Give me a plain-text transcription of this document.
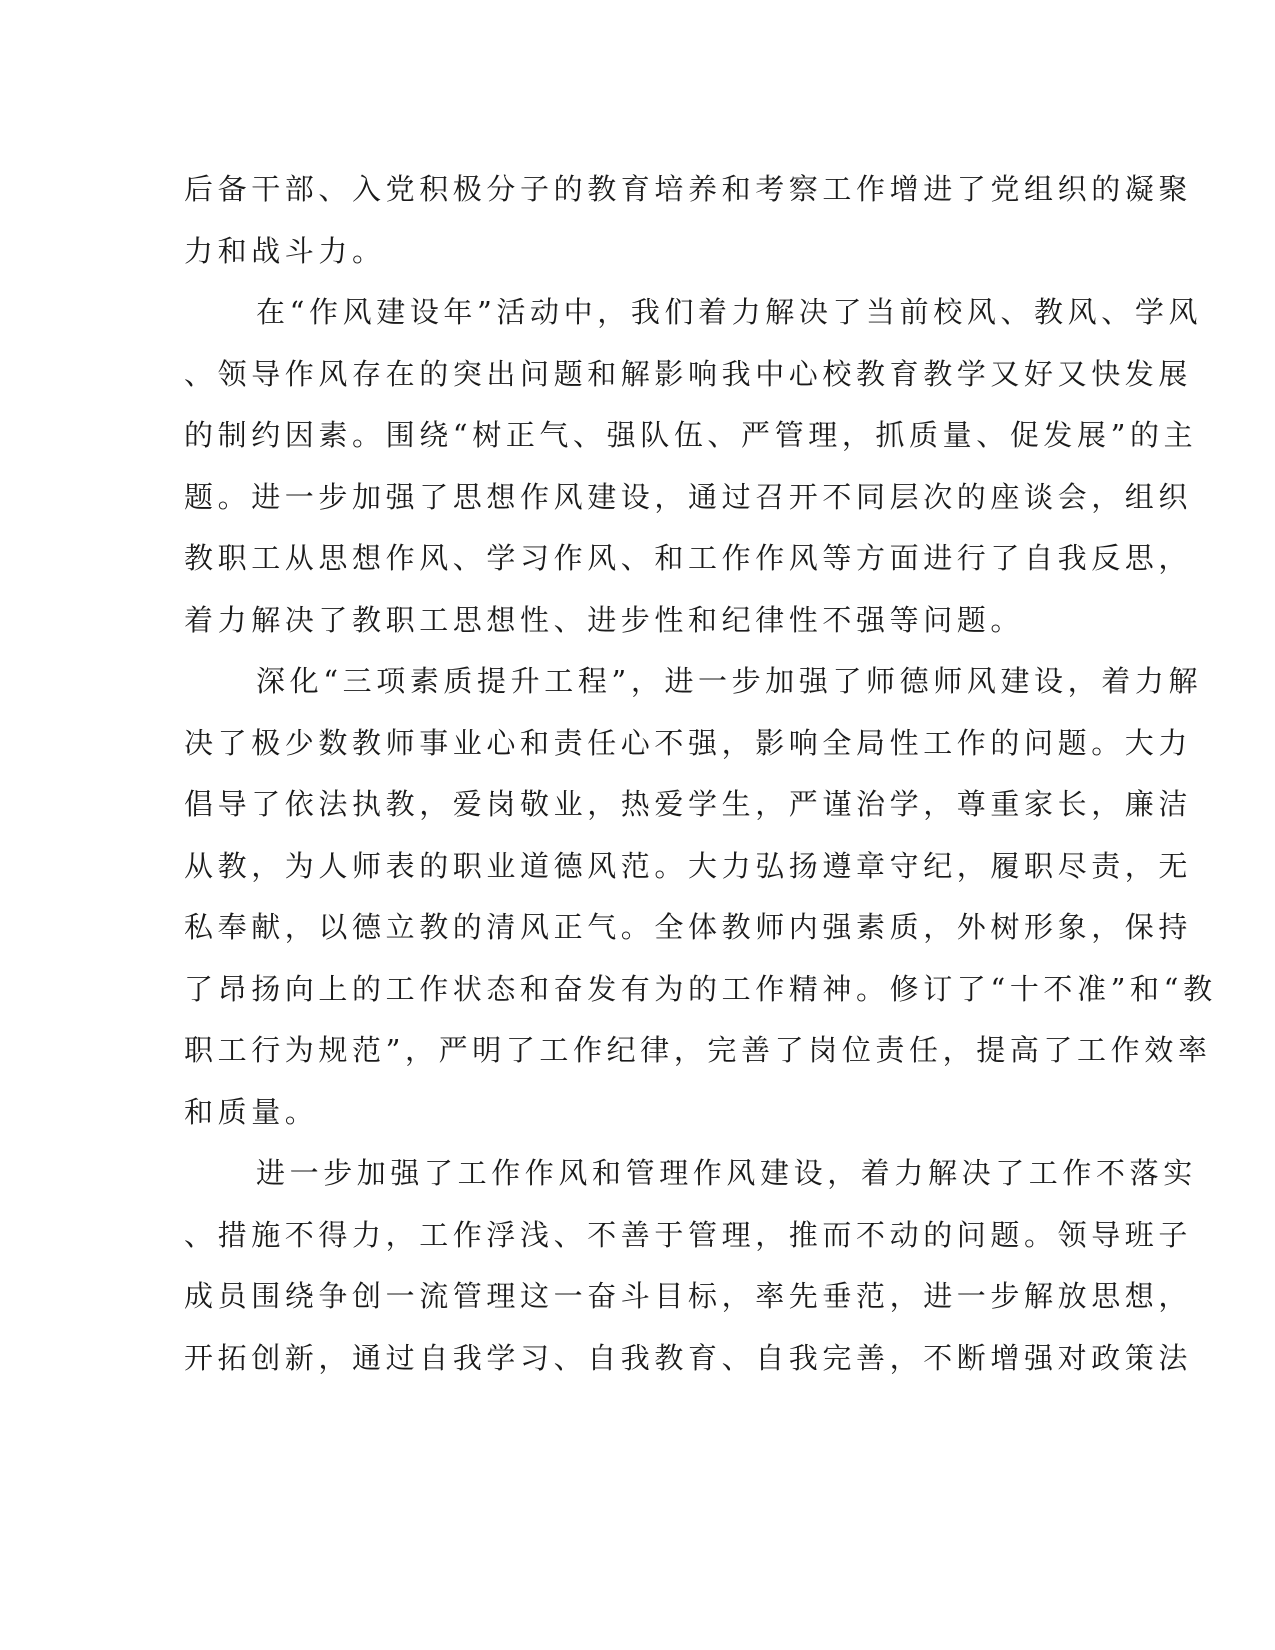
后备干部、入党积极分子的教育培养和考察工作增进了党组织的凝聚
力和战斗力。
在“作风建设年”活动中，我们着力解决了当前校风、教风、学风
、领导作风存在的突出问题和解影响我中心校教育教学又好又快发展
的制约因素。围绕“树正气、强队伍、严管理，抓质量、促发展”的主
题。进一步加强了思想作风建设，通过召开不同层次的座谈会，组织
教职工从思想作风、学习作风、和工作作风等方面进行了自我反思，
着力解决了教职工思想性、进步性和纪律性不强等问题。
深化“三项素质提升工程”，进一步加强了师德师风建设，着力解
决了极少数教师事业心和责任心不强，影响全局性工作的问题。大力
倡导了依法执教，爱岗敬业，热爱学生，严谨治学，尊重家长，廉洁
从教，为人师表的职业道德风范。大力弘扬遵章守纪，履职尽责，无
私奉献，以德立教的清风正气。全体教师内强素质，外树形象，保持
了昂扬向上的工作状态和奋发有为的工作精神。修订了“十不准”和“教
职工行为规范”，严明了工作纪律，完善了岗位责任，提高了工作效率
和质量。
进一步加强了工作作风和管理作风建设，着力解决了工作不落实
、措施不得力，工作浮浅、不善于管理，推而不动的问题。领导班子
成员围绕争创一流管理这一奋斗目标，率先垂范，进一步解放思想，
开拓创新，通过自我学习、自我教育、自我完善，不断增强对政策法
